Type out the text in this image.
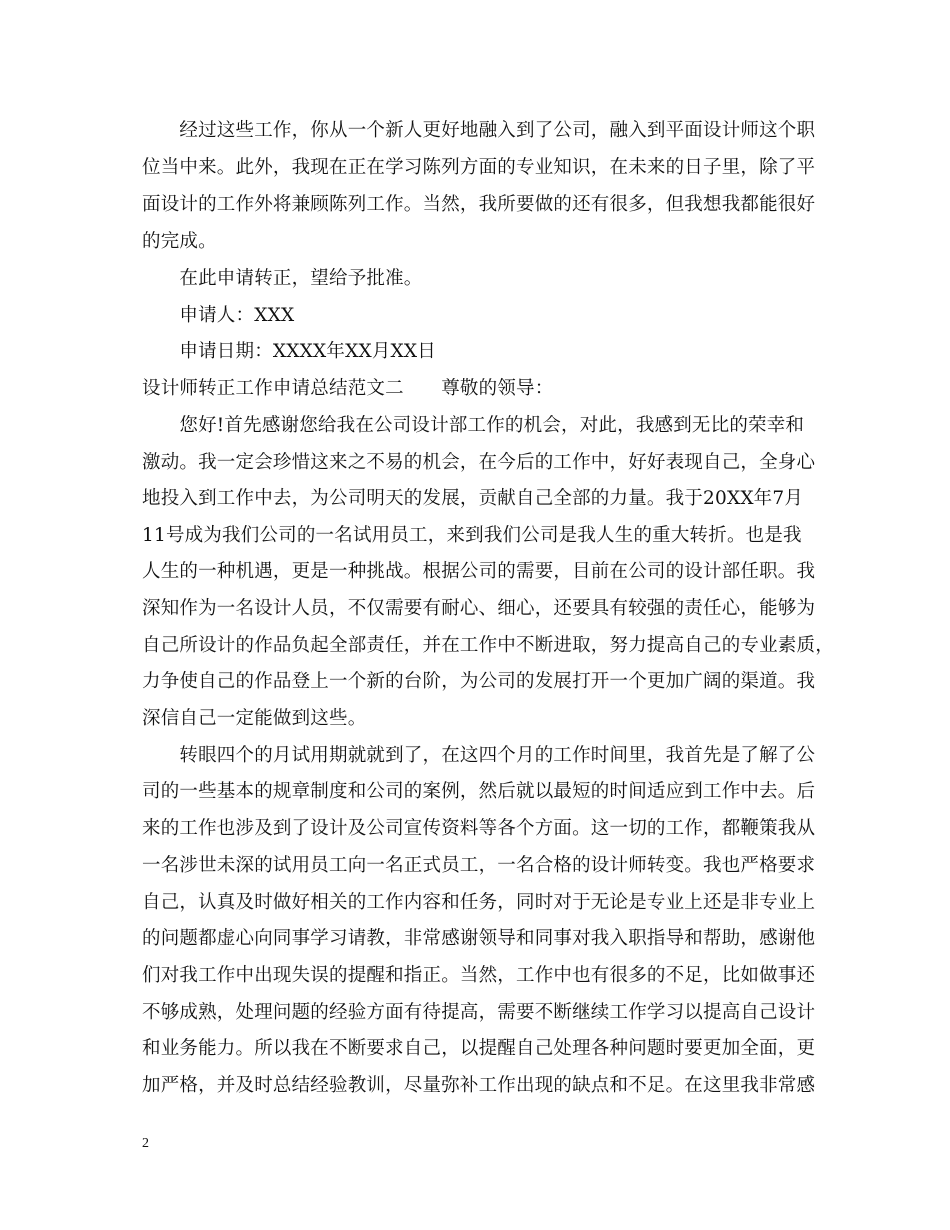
　　经过这些工作，你从一个新人更好地融入到了公司，融入到平面设计师这个职
位当中来。此外，我现在正在学习陈列方面的专业知识，在未来的日子里，除了平
面设计的工作外将兼顾陈列工作。当然，我所要做的还有很多，但我想我都能很好
的完成。
　　在此申请转正，望给予批准。
　　申请人：XXX
　　申请日期：XXXX年XX月XX日
设计师转正工作申请总结范文二　　尊敬的领导：
　　您好!首先感谢您给我在公司设计部工作的机会，对此，我感到无比的荣幸和
激动。我一定会珍惜这来之不易的机会，在今后的工作中，好好表现自己，全身心
地投入到工作中去，为公司明天的发展，贡献自己全部的力量。我于20XX年7月
11号成为我们公司的一名试用员工，来到我们公司是我人生的重大转折。也是我
人生的一种机遇，更是一种挑战。根据公司的需要，目前在公司的设计部任职。我
深知作为一名设计人员，不仅需要有耐心、细心，还要具有较强的责任心，能够为
自己所设计的作品负起全部责任，并在工作中不断进取，努力提高自己的专业素质，
力争使自己的作品登上一个新的台阶，为公司的发展打开一个更加广阔的渠道。我
深信自己一定能做到这些。
　　转眼四个的月试用期就就到了，在这四个月的工作时间里，我首先是了解了公
司的一些基本的规章制度和公司的案例，然后就以最短的时间适应到工作中去。后
来的工作也涉及到了设计及公司宣传资料等各个方面。这一切的工作，都鞭策我从
一名涉世未深的试用员工向一名正式员工，一名合格的设计师转变。我也严格要求
自己，认真及时做好相关的工作内容和任务，同时对于无论是专业上还是非专业上
的问题都虚心向同事学习请教，非常感谢领导和同事对我入职指导和帮助，感谢他
们对我工作中出现失误的提醒和指正。当然，工作中也有很多的不足，比如做事还
不够成熟，处理问题的经验方面有待提高，需要不断继续工作学习以提高自己设计
和业务能力。所以我在不断要求自己，以提醒自己处理各种问题时要更加全面，更
加严格，并及时总结经验教训，尽量弥补工作出现的缺点和不足。在这里我非常感
2
